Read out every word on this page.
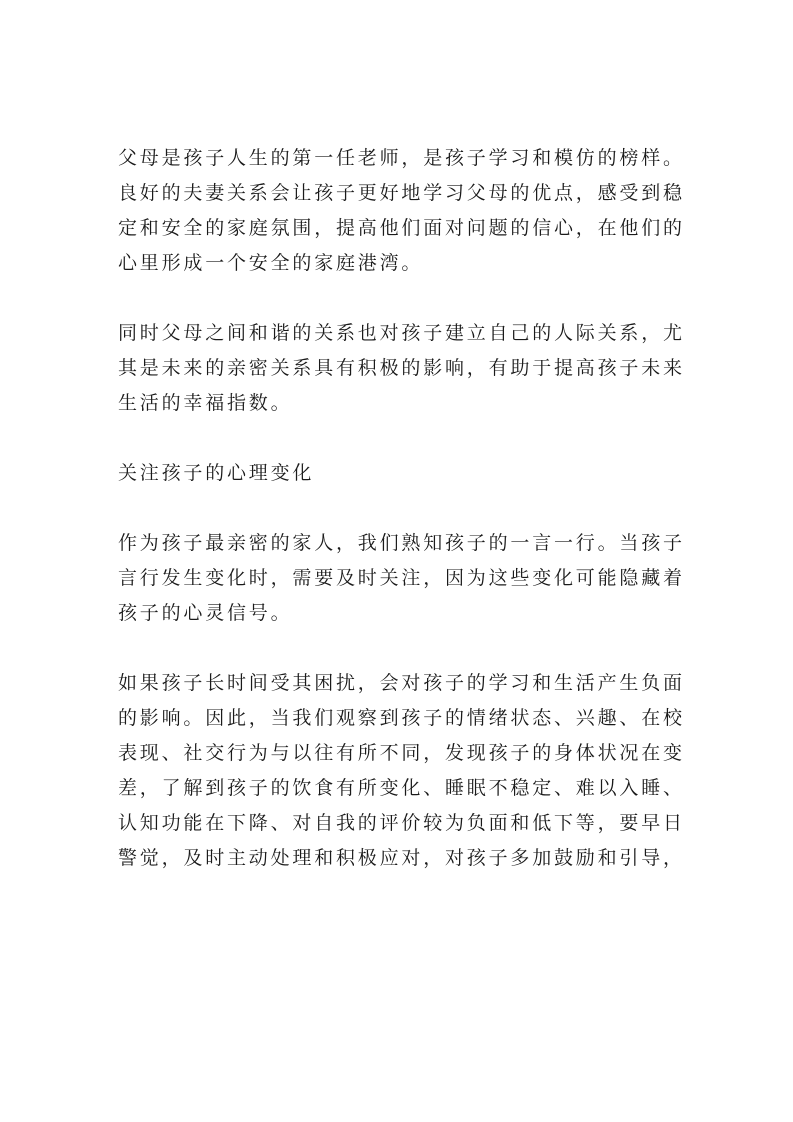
父母是孩子人生的第一任老师，是孩子学习和模仿的榜样。
良好的夫妻关系会让孩子更好地学习父母的优点，感受到稳
定和安全的家庭氛围，提高他们面对问题的信心，在他们的
心里形成一个安全的家庭港湾。
同时父母之间和谐的关系也对孩子建立自己的人际关系，尤
其是未来的亲密关系具有积极的影响，有助于提高孩子未来
生活的幸福指数。
关注孩子的心理变化
作为孩子最亲密的家人，我们熟知孩子的一言一行。当孩子
言行发生变化时，需要及时关注，因为这些变化可能隐藏着
孩子的心灵信号。
如果孩子长时间受其困扰，会对孩子的学习和生活产生负面
的影响。因此，当我们观察到孩子的情绪状态、兴趣、在校
表现、社交行为与以往有所不同，发现孩子的身体状况在变
差，了解到孩子的饮食有所变化、睡眠不稳定、难以入睡、
认知功能在下降、对自我的评价较为负面和低下等，要早日
警觉，及时主动处理和积极应对，对孩子多加鼓励和引导，
